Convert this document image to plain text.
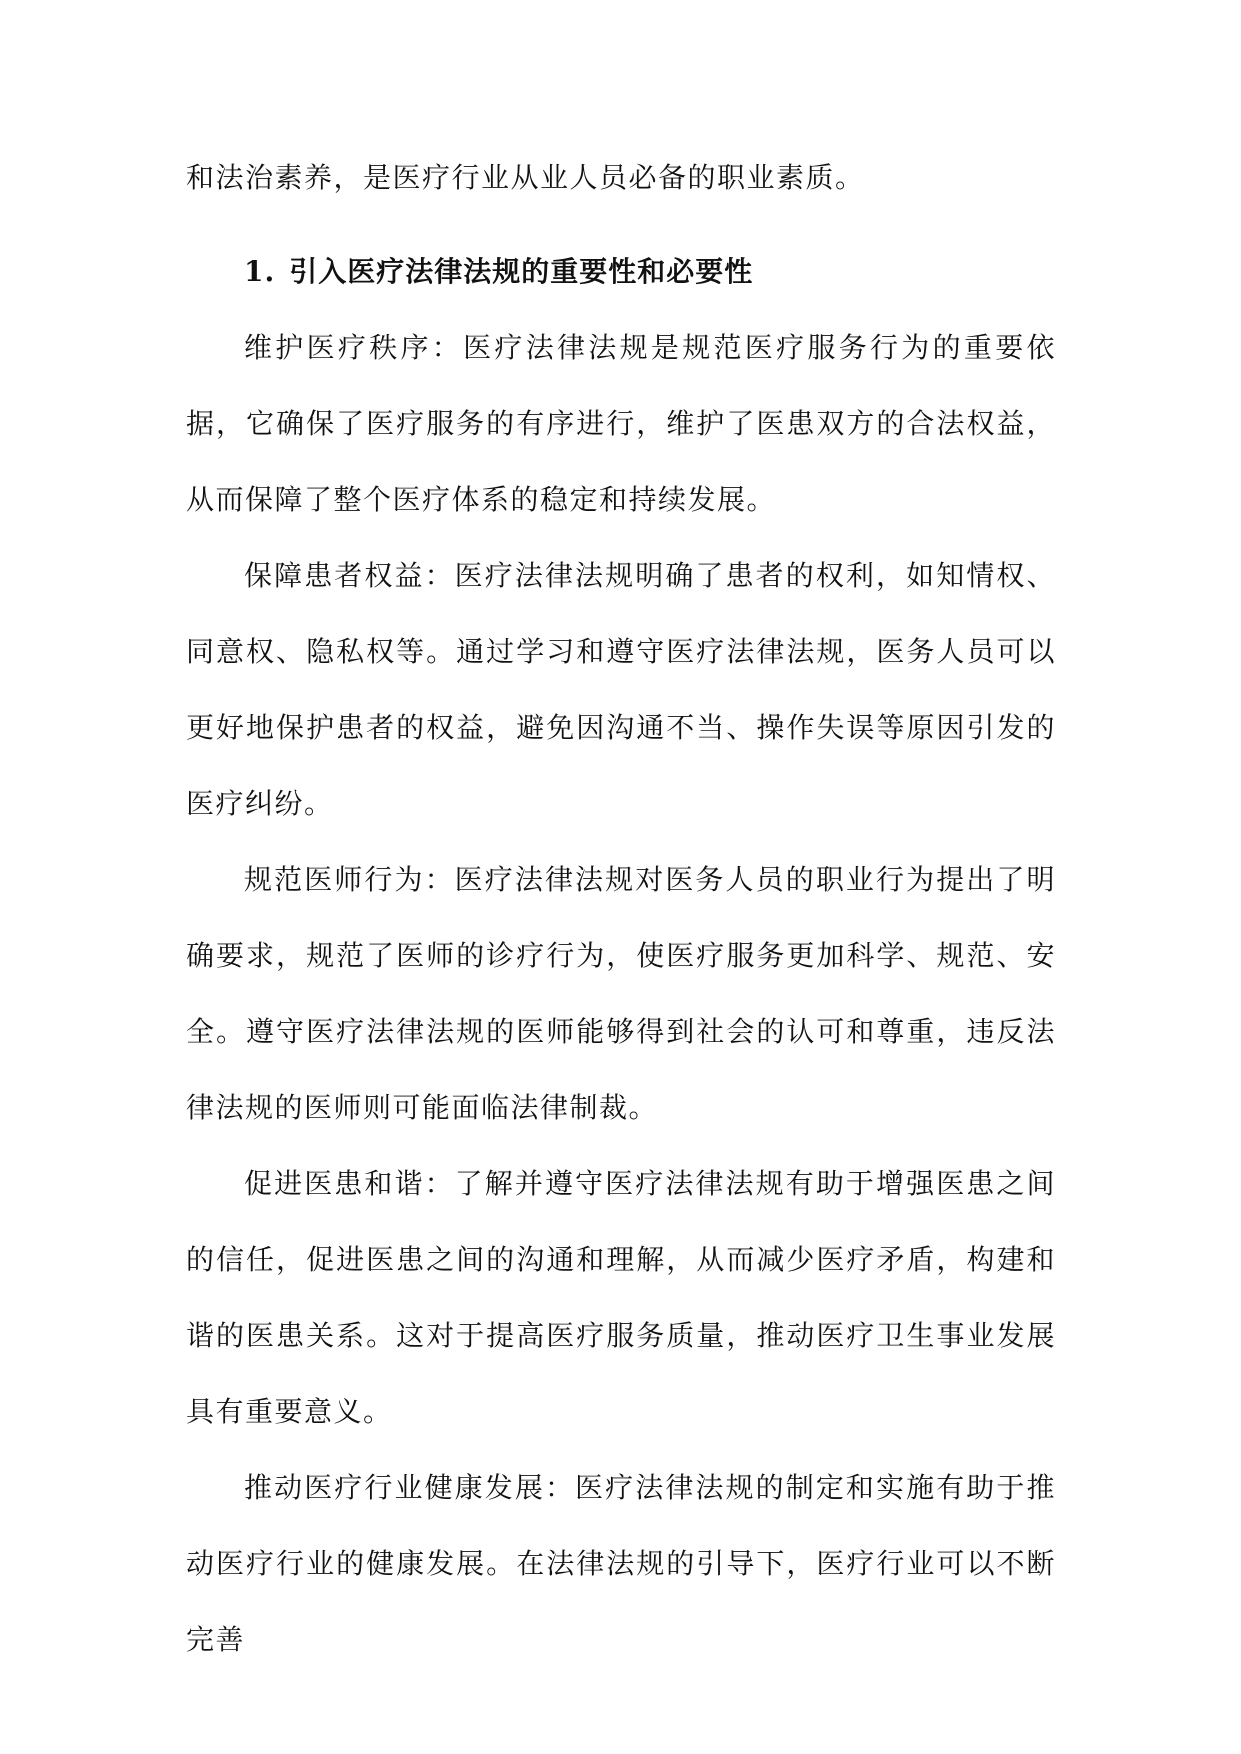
和法治素养，是医疗行业从业人员必备的职业素质。

1. 引入医疗法律法规的重要性和必要性

维护医疗秩序：医疗法律法规是规范医疗服务行为的重要依据，它确保了医疗服务的有序进行，维护了医患双方的合法权益，从而保障了整个医疗体系的稳定和持续发展。

保障患者权益：医疗法律法规明确了患者的权利，如知情权、同意权、隐私权等。通过学习和遵守医疗法律法规，医务人员可以更好地保护患者的权益，避免因沟通不当、操作失误等原因引发的医疗纠纷。

规范医师行为：医疗法律法规对医务人员的职业行为提出了明确要求，规范了医师的诊疗行为，使医疗服务更加科学、规范、安全。遵守医疗法律法规的医师能够得到社会的认可和尊重，违反法律法规的医师则可能面临法律制裁。

促进医患和谐：了解并遵守医疗法律法规有助于增强医患之间的信任，促进医患之间的沟通和理解，从而减少医疗矛盾，构建和谐的医患关系。这对于提高医疗服务质量，推动医疗卫生事业发展具有重要意义。

推动医疗行业健康发展：医疗法律法规的制定和实施有助于推动医疗行业的健康发展。在法律法规的引导下，医疗行业可以不断完善
